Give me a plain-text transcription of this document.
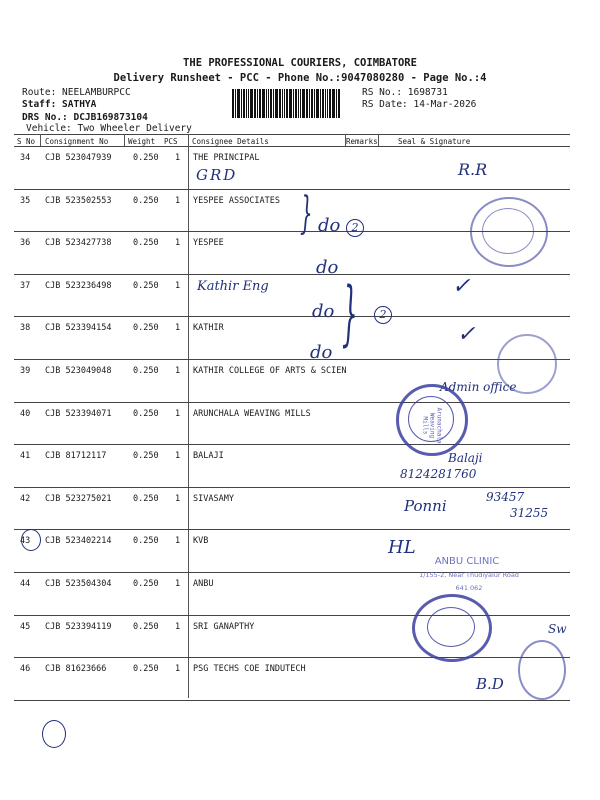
THE PROFESSIONAL COURIERS, COIMBATORE
Delivery Runsheet - PCC - Phone No.:9047080280 - Page No.:4
Route: NEELAMBURPCC
Staff: SATHYA
DRS No.: DCJB169873104
Vehicle: Two Wheeler Delivery
RS No.: 1698731
RS Date: 14-Mar-2026
S No Consignment No	Weight PCS Consignee Details	Remarks	Seal & Signature
34 CJB 523047939	0.250 1 THE PRINCIPAL
35 CJB 523502553	0.250 1 YESPEE ASSOCIATES
36 CJB 523427738	0.250 1 YESPEE
37 CJB 523236498	0.250 1
38 CJB 523394154	0.250 1 KATHIR
39 CJB 523049048	0.250 1 KATHIR COLLEGE OF ARTS & SCIEN
40 CJB 523394071	0.250 1 ARUNCHALA WEAVING MILLS
41 CJB 81712117	0.250 1 BALAJI
42 CJB 523275021	0.250 1 SIVASAMY
43 CJB 523402214	0.250 1 KVB
44 CJB 523504304	0.250 1 ANBU
45 CJB 523394119	0.250 1 SRI GANAPTHY
46 CJB 81623666	0.250 1 PSG TECHS COE INDUTECH
GRD
Kathir Eng
} do
do
do
do }
2
2
R.R
✓
✓
Admin office
Balaji
8124281760
Ponni	93457
31255
HL
Sw
B.D
Arunachala Weaving Mills
ANBU CLINIC
1/155-2, Near Thudiyalur Road
641 062
